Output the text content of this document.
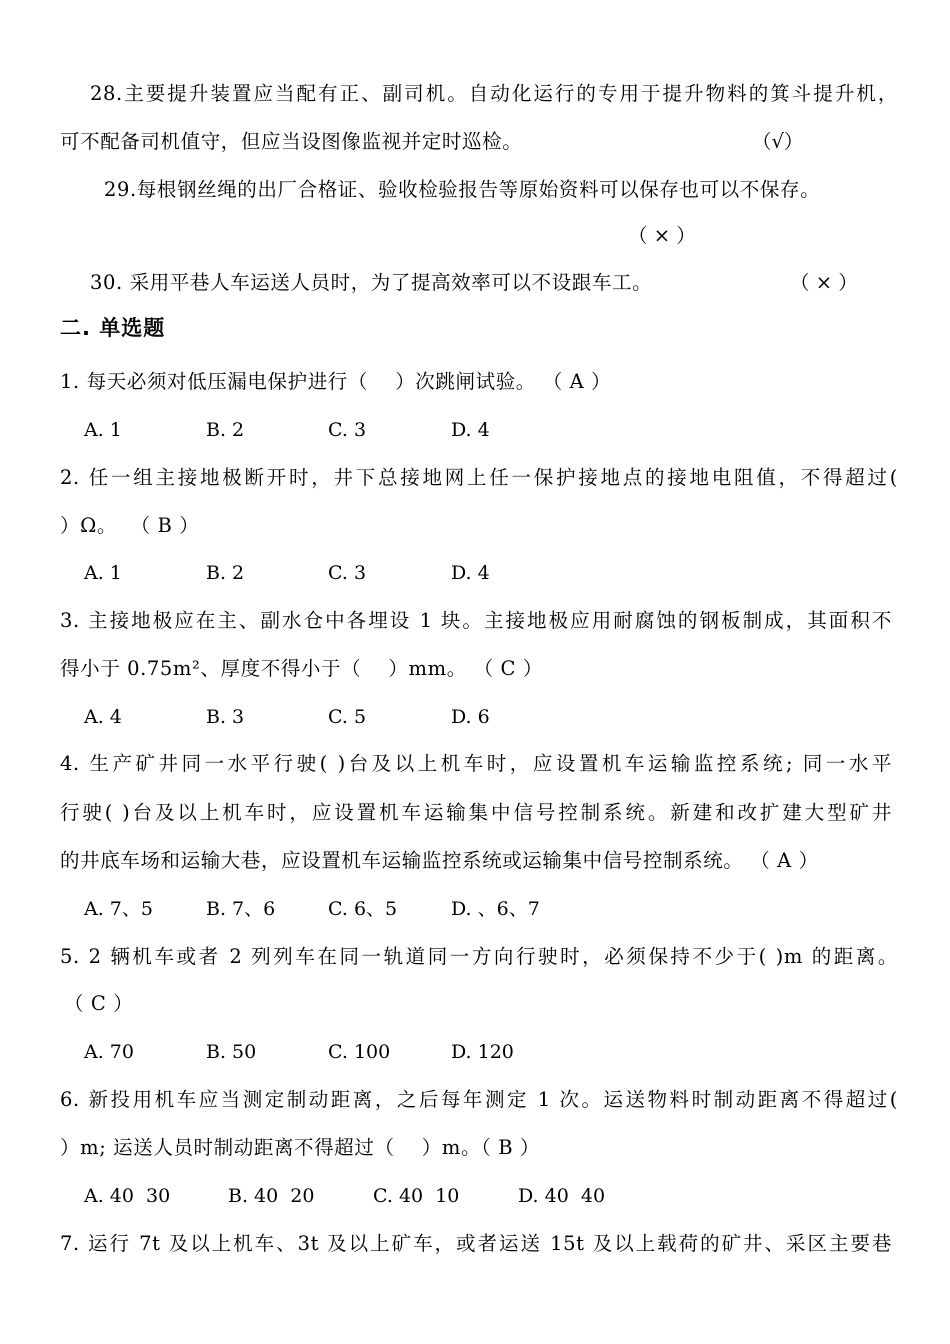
28.主要提升装置应当配有正、副司机。自动化运行的专用于提升物料的箕斗提升机，
可不配备司机值守，但应当设图像监视并定时巡检。	（√）
29.每根钢丝绳的出厂合格证、验收检验报告等原始资料可以保存也可以不保存。
（ × ）
30. 采用平巷人车运送人员时，为了提高效率可以不设跟车工。	（ × ）
二. 单选题
1. 每天必须对低压漏电保护进行（    ）次跳闸试验。 （ A ）
A. 1	B. 2	C. 3	D. 4
2. 任一组主接地极断开时，井下总接地网上任一保护接地点的接地电阻值，不得超过(
）Ω。  （ B ）
A. 1	B. 2	C. 3	D. 4
3. 主接地极应在主、副水仓中各埋设 1 块。主接地极应用耐腐蚀的钢板制成，其面积不
得小于 0.75m²、厚度不得小于（    ）mm。 （ C ）
A. 4	B. 3	C. 5	D. 6
4. 生产矿井同一水平行驶( )台及以上机车时，应设置机车运输监控系统; 同一水平
行驶( )台及以上机车时，应设置机车运输集中信号控制系统。新建和改扩建大型矿井
的井底车场和运输大巷，应设置机车运输监控系统或运输集中信号控制系统。 （ A ）
A. 7、5	B. 7、6	C. 6、5	D. 、6、7
5. 2 辆机车或者 2 列列车在同一轨道同一方向行驶时，必须保持不少于( )m 的距离。
（ C ）
A. 70	B. 50	C. 100	D. 120
6. 新投用机车应当测定制动距离，之后每年测定 1 次。运送物料时制动距离不得超过(
）m; 运送人员时制动距离不得超过（    ）m。（ B ）
A. 40  30	B. 40  20	C. 40  10	D. 40  40
7. 运行 7t 及以上机车、3t 及以上矿车，或者运送 15t 及以上载荷的矿井、采区主要巷
